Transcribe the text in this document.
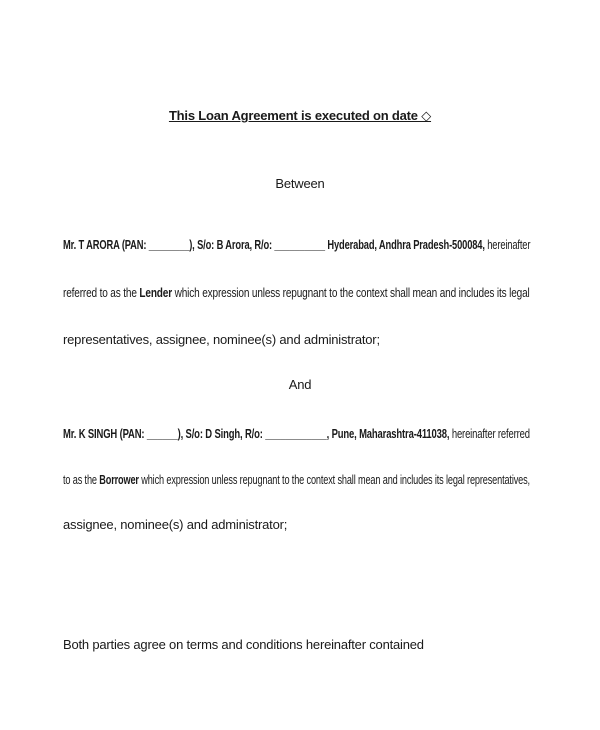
This Loan Agreement is executed on date ◇
Between
Mr. T ARORA (PAN: ________), S/o: B Arora, R/o: __________ Hyderabad, Andhra Pradesh-500084, hereinafter
referred to as the Lender which expression unless repugnant to the context shall mean and includes its legal
representatives, assignee, nominee(s) and administrator;
And
Mr. K SINGH (PAN: ______), S/o: D Singh, R/o: ____________, Pune, Maharashtra-411038, hereinafter referred
to as the Borrower which expression unless repugnant to the context shall mean and includes its legal representatives,
assignee, nominee(s) and administrator;
Both parties agree on terms and conditions hereinafter contained
